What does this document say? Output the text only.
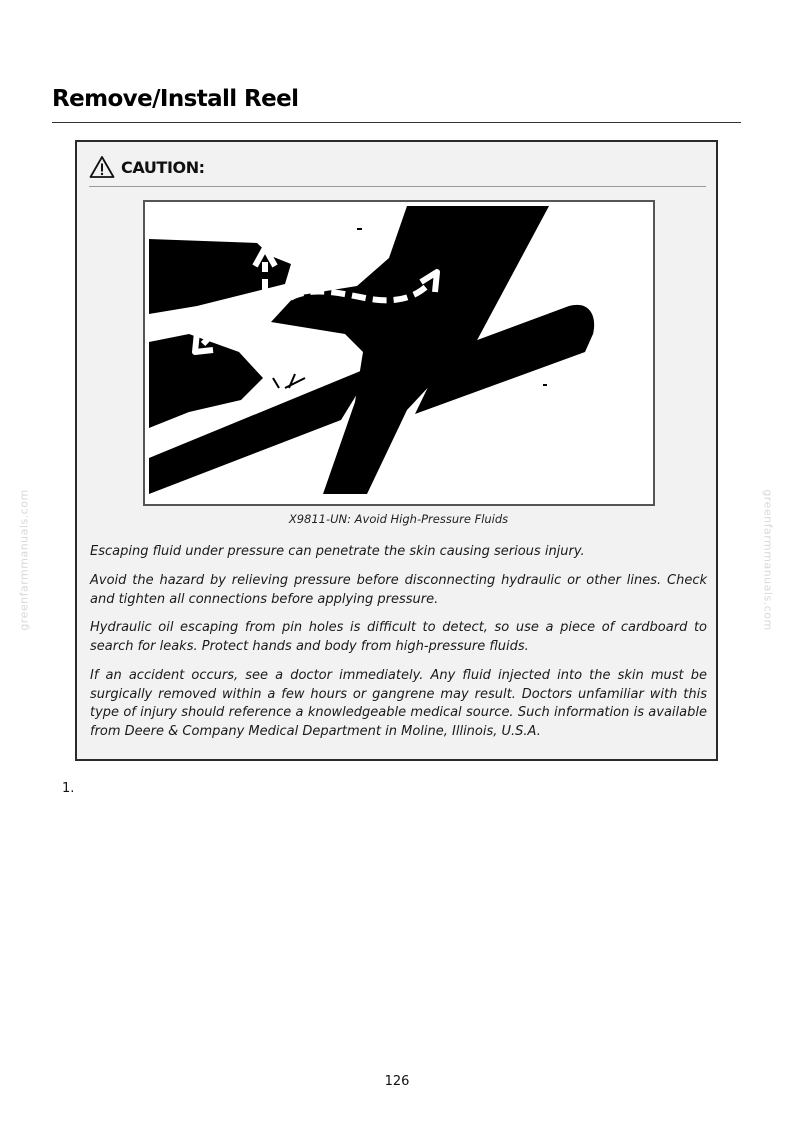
Remove/Install Reel
CAUTION:
X9811-UN: Avoid High-Pressure Fluids

Escaping fluid under pressure can penetrate the skin causing serious injury.

Avoid the hazard by relieving pressure before disconnecting hydraulic or other lines. Check and tighten all connections before applying pressure.

Hydraulic oil escaping from pin holes is difficult to detect, so use a piece of cardboard to search for leaks. Protect hands and body from high-pressure fluids.

If an accident occurs, see a doctor immediately. Any fluid injected into the skin must be surgically removed within a few hours or gangrene may result. Doctors unfamiliar with this type of injury should reference a knowledgeable medical source. Such information is available from Deere & Company Medical Department in Moline, Illinois, U.S.A.

1.
greenfarmmanuals.com	greenfarmmanuals.com
126
